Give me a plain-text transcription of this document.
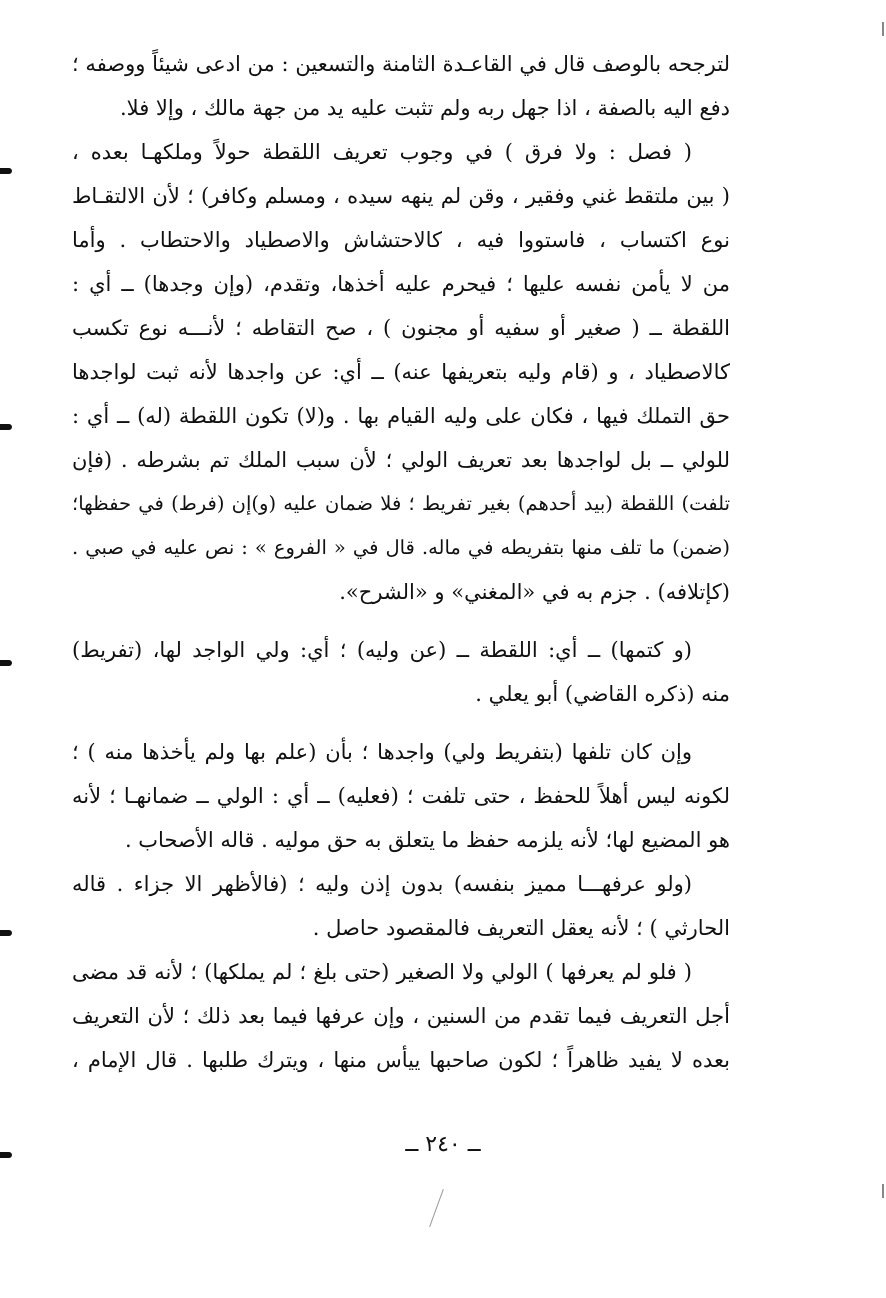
لترجحه بالوصف قال في القاعـدة الثامنة والتسعين : من ادعى شيئاً ووصفه ؛
دفع اليه بالصفة ، اذا جهل ربه ولم تثبت عليه يد من جهة مالك ، وإلا فلا.
( فصل : ولا فرق ) في وجوب تعريف اللقطة حولاً وملكهـا بعده ،
( بين ملتقط غني وفقير ، وقن لم ينهه سيده ، ومسلم وكافر) ؛ لأن الالتقـاط
نوع اكتساب ، فاستووا فيه ، كالاحتشاش والاصطياد والاحتطاب . وأما
من لا يأمن نفسه عليها ؛ فيحرم عليه أخذها، وتقدم، (وإن وجدها) ــ أي :
اللقطة ــ ( صغير أو سفيه أو مجنون ) ، صح التقاطه ؛ لأنـــه نوع تكسب
كالاصطياد ، و (قام وليه بتعريفها عنه) ــ أي: عن واجدها لأنه ثبت لواجدها
حق التملك فيها ، فكان على وليه القيام بها . و(لا) تكون اللقطة (له) ــ أي :
للولي ــ بل لواجدها بعد تعريف الولي ؛ لأن سبب الملك تم بشرطه . (فإن
تلفت) اللقطة (بيد أحدهم) بغير تفريط ؛ فلا ضمان عليه (و)إن (فرط) في حفظها؛
(ضمن) ما تلف منها بتفريطه في ماله. قال في « الفروع » : نص عليه في صبي .
(كإتلافه) . جزم به في «المغني» و «الشرح».
(و كتمها) ــ أي: اللقطة ــ (عن وليه) ؛ أي: ولي الواجد لها، (تفريط)
منه (ذكره القاضي) أبو يعلي .
وإن كان تلفها (بتفريط ولي) واجدها ؛ بأن (علم بها ولم يأخذها منه ) ؛
لكونه ليس أهلاً للحفظ ، حتى تلفت ؛ (فعليه) ــ أي : الولي ــ ضمانهـا ؛ لأنه
هو المضيع لها؛ لأنه يلزمه حفظ ما يتعلق به حق موليه . قاله الأصحاب .
(ولو عرفهـــا مميز بنفسه) بدون إذن وليه ؛ (فالأظهر الا جزاء . قاله
الحارثي ) ؛ لأنه يعقل التعريف فالمقصود حاصل .
( فلو لم يعرفها ) الولي ولا الصغير (حتى بلغ ؛ لم يملكها) ؛ لأنه قد مضى
أجل التعريف فيما تقدم من السنين ، وإن عرفها فيما بعد ذلك ؛ لأن التعريف
بعده لا يفيد ظاهراً ؛ لكون صاحبها ييأس منها ، ويترك طلبها . قال الإمام ،
ــ ٢٤٠ ــ
